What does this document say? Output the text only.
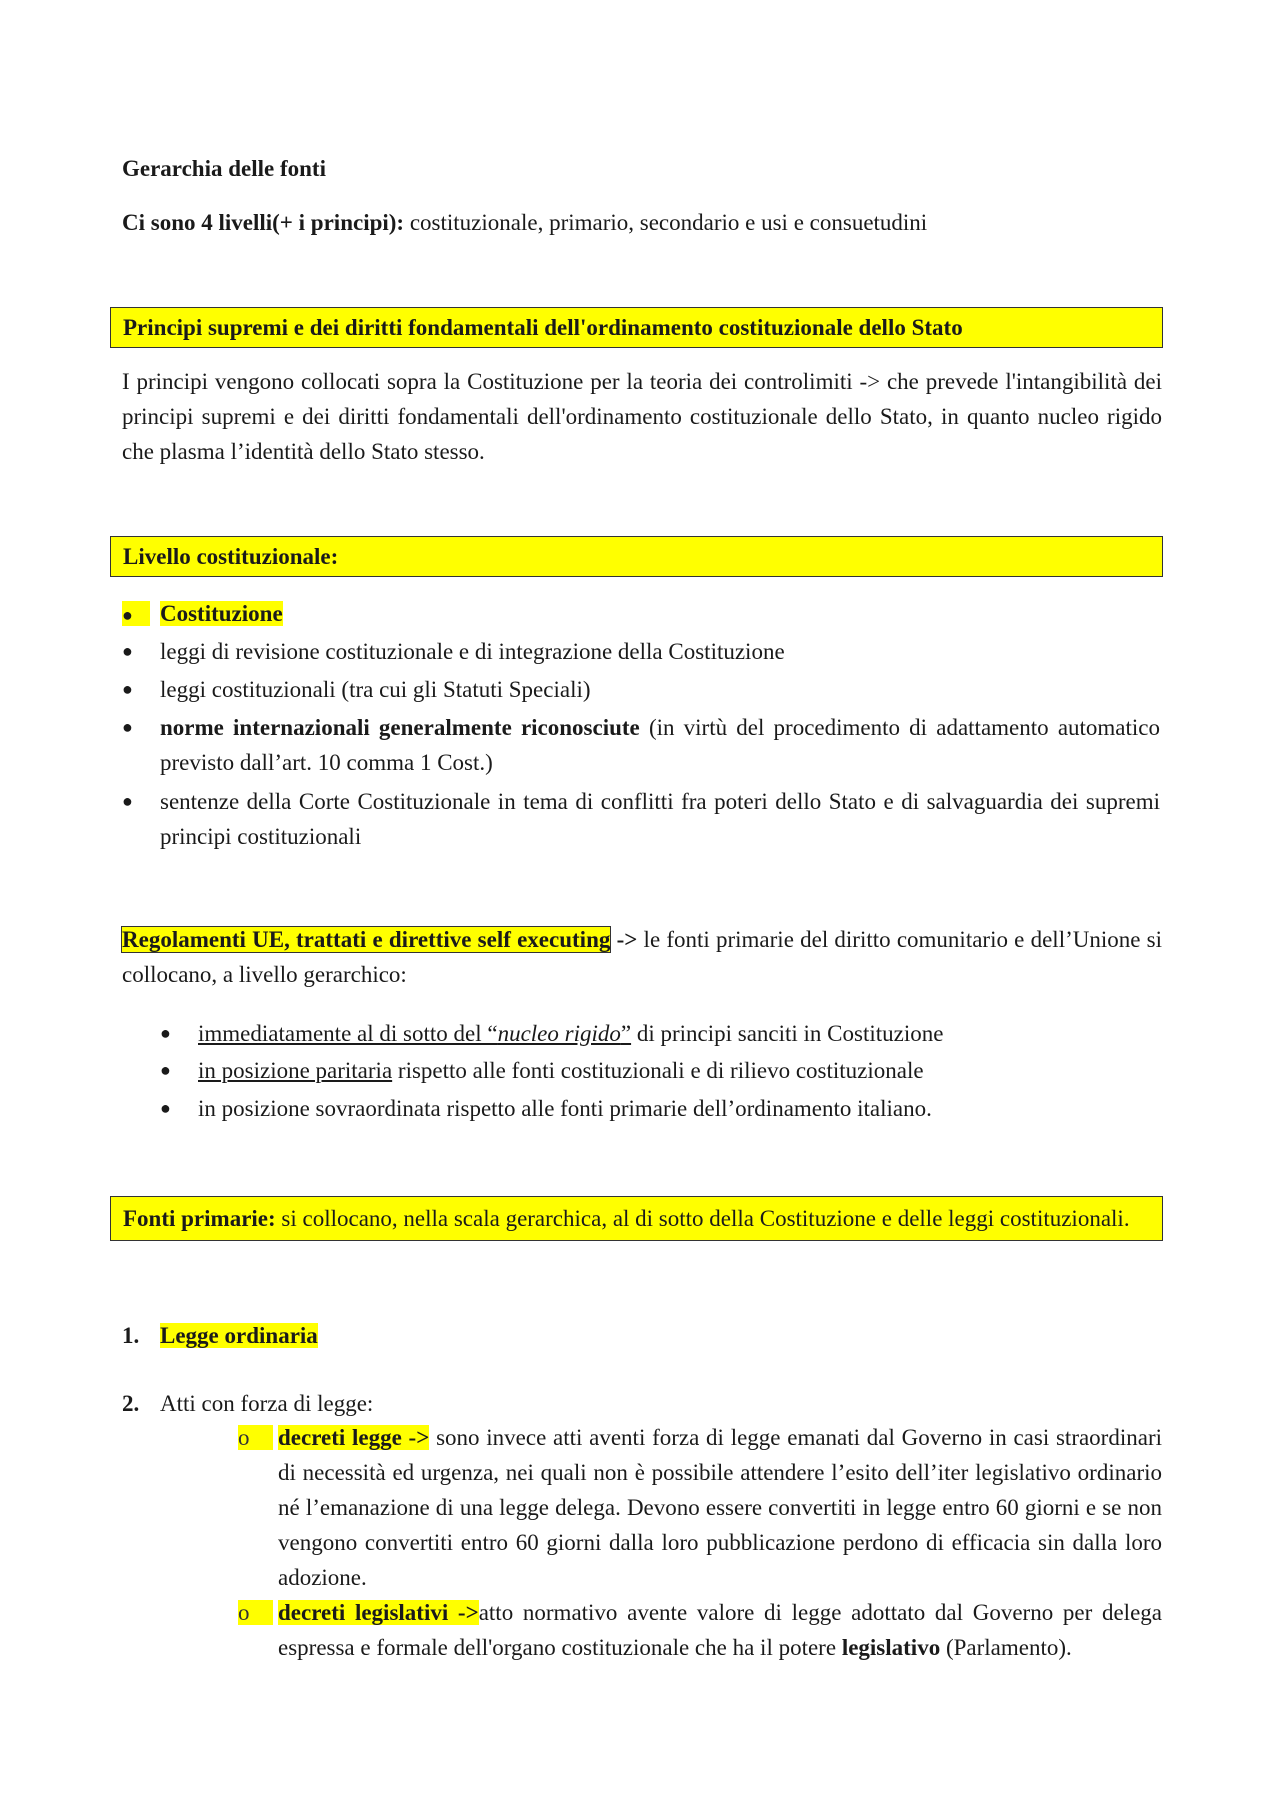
Gerarchia delle fonti
Ci sono 4 livelli(+ i principi): costituzionale, primario, secondario e usi e consuetudini
Principi supremi e dei diritti fondamentali dell'ordinamento costituzionale dello Stato
I principi vengono collocati sopra la Costituzione per la teoria dei controlimiti -> che prevede l'intangibilità dei principi supremi e dei diritti fondamentali dell'ordinamento costituzionale dello Stato, in quanto nucleo rigido che plasma l’identità dello Stato stesso.
Livello costituzionale:
●	Costituzione
●	leggi di revisione costituzionale e di integrazione della Costituzione
●	leggi costituzionali (tra cui gli Statuti Speciali)
●	norme internazionali generalmente riconosciute (in virtù del procedimento di adattamento automatico previsto dall’art. 10 comma 1 Cost.)
●	sentenze della Corte Costituzionale in tema di conflitti fra poteri dello Stato e di salvaguardia dei supremi principi costituzionali
Regolamenti UE, trattati e direttive self executing -> le fonti primarie del diritto comunitario e dell’Unione si collocano, a livello gerarchico:
●	immediatamente al di sotto del “nucleo rigido” di principi sanciti in Costituzione
●	in posizione paritaria rispetto alle fonti costituzionali e di rilievo costituzionale
●	in posizione sovraordinata rispetto alle fonti primarie dell’ordinamento italiano.
Fonti primarie: si collocano, nella scala gerarchica, al di sotto della Costituzione e delle leggi costituzionali.
1. Legge ordinaria
2. Atti con forza di legge:
o	decreti legge -> sono invece atti aventi forza di legge emanati dal Governo in casi straordinari di necessità ed urgenza, nei quali non è possibile attendere l’esito dell’iter legislativo ordinario né l’emanazione di una legge delega. Devono essere convertiti in legge entro 60 giorni e se non vengono convertiti entro 60 giorni dalla loro pubblicazione perdono di efficacia sin dalla loro adozione.
o	decreti legislativi ->atto normativo avente valore di legge adottato dal Governo per delega espressa e formale dell'organo costituzionale che ha il potere legislativo (Parlamento).
